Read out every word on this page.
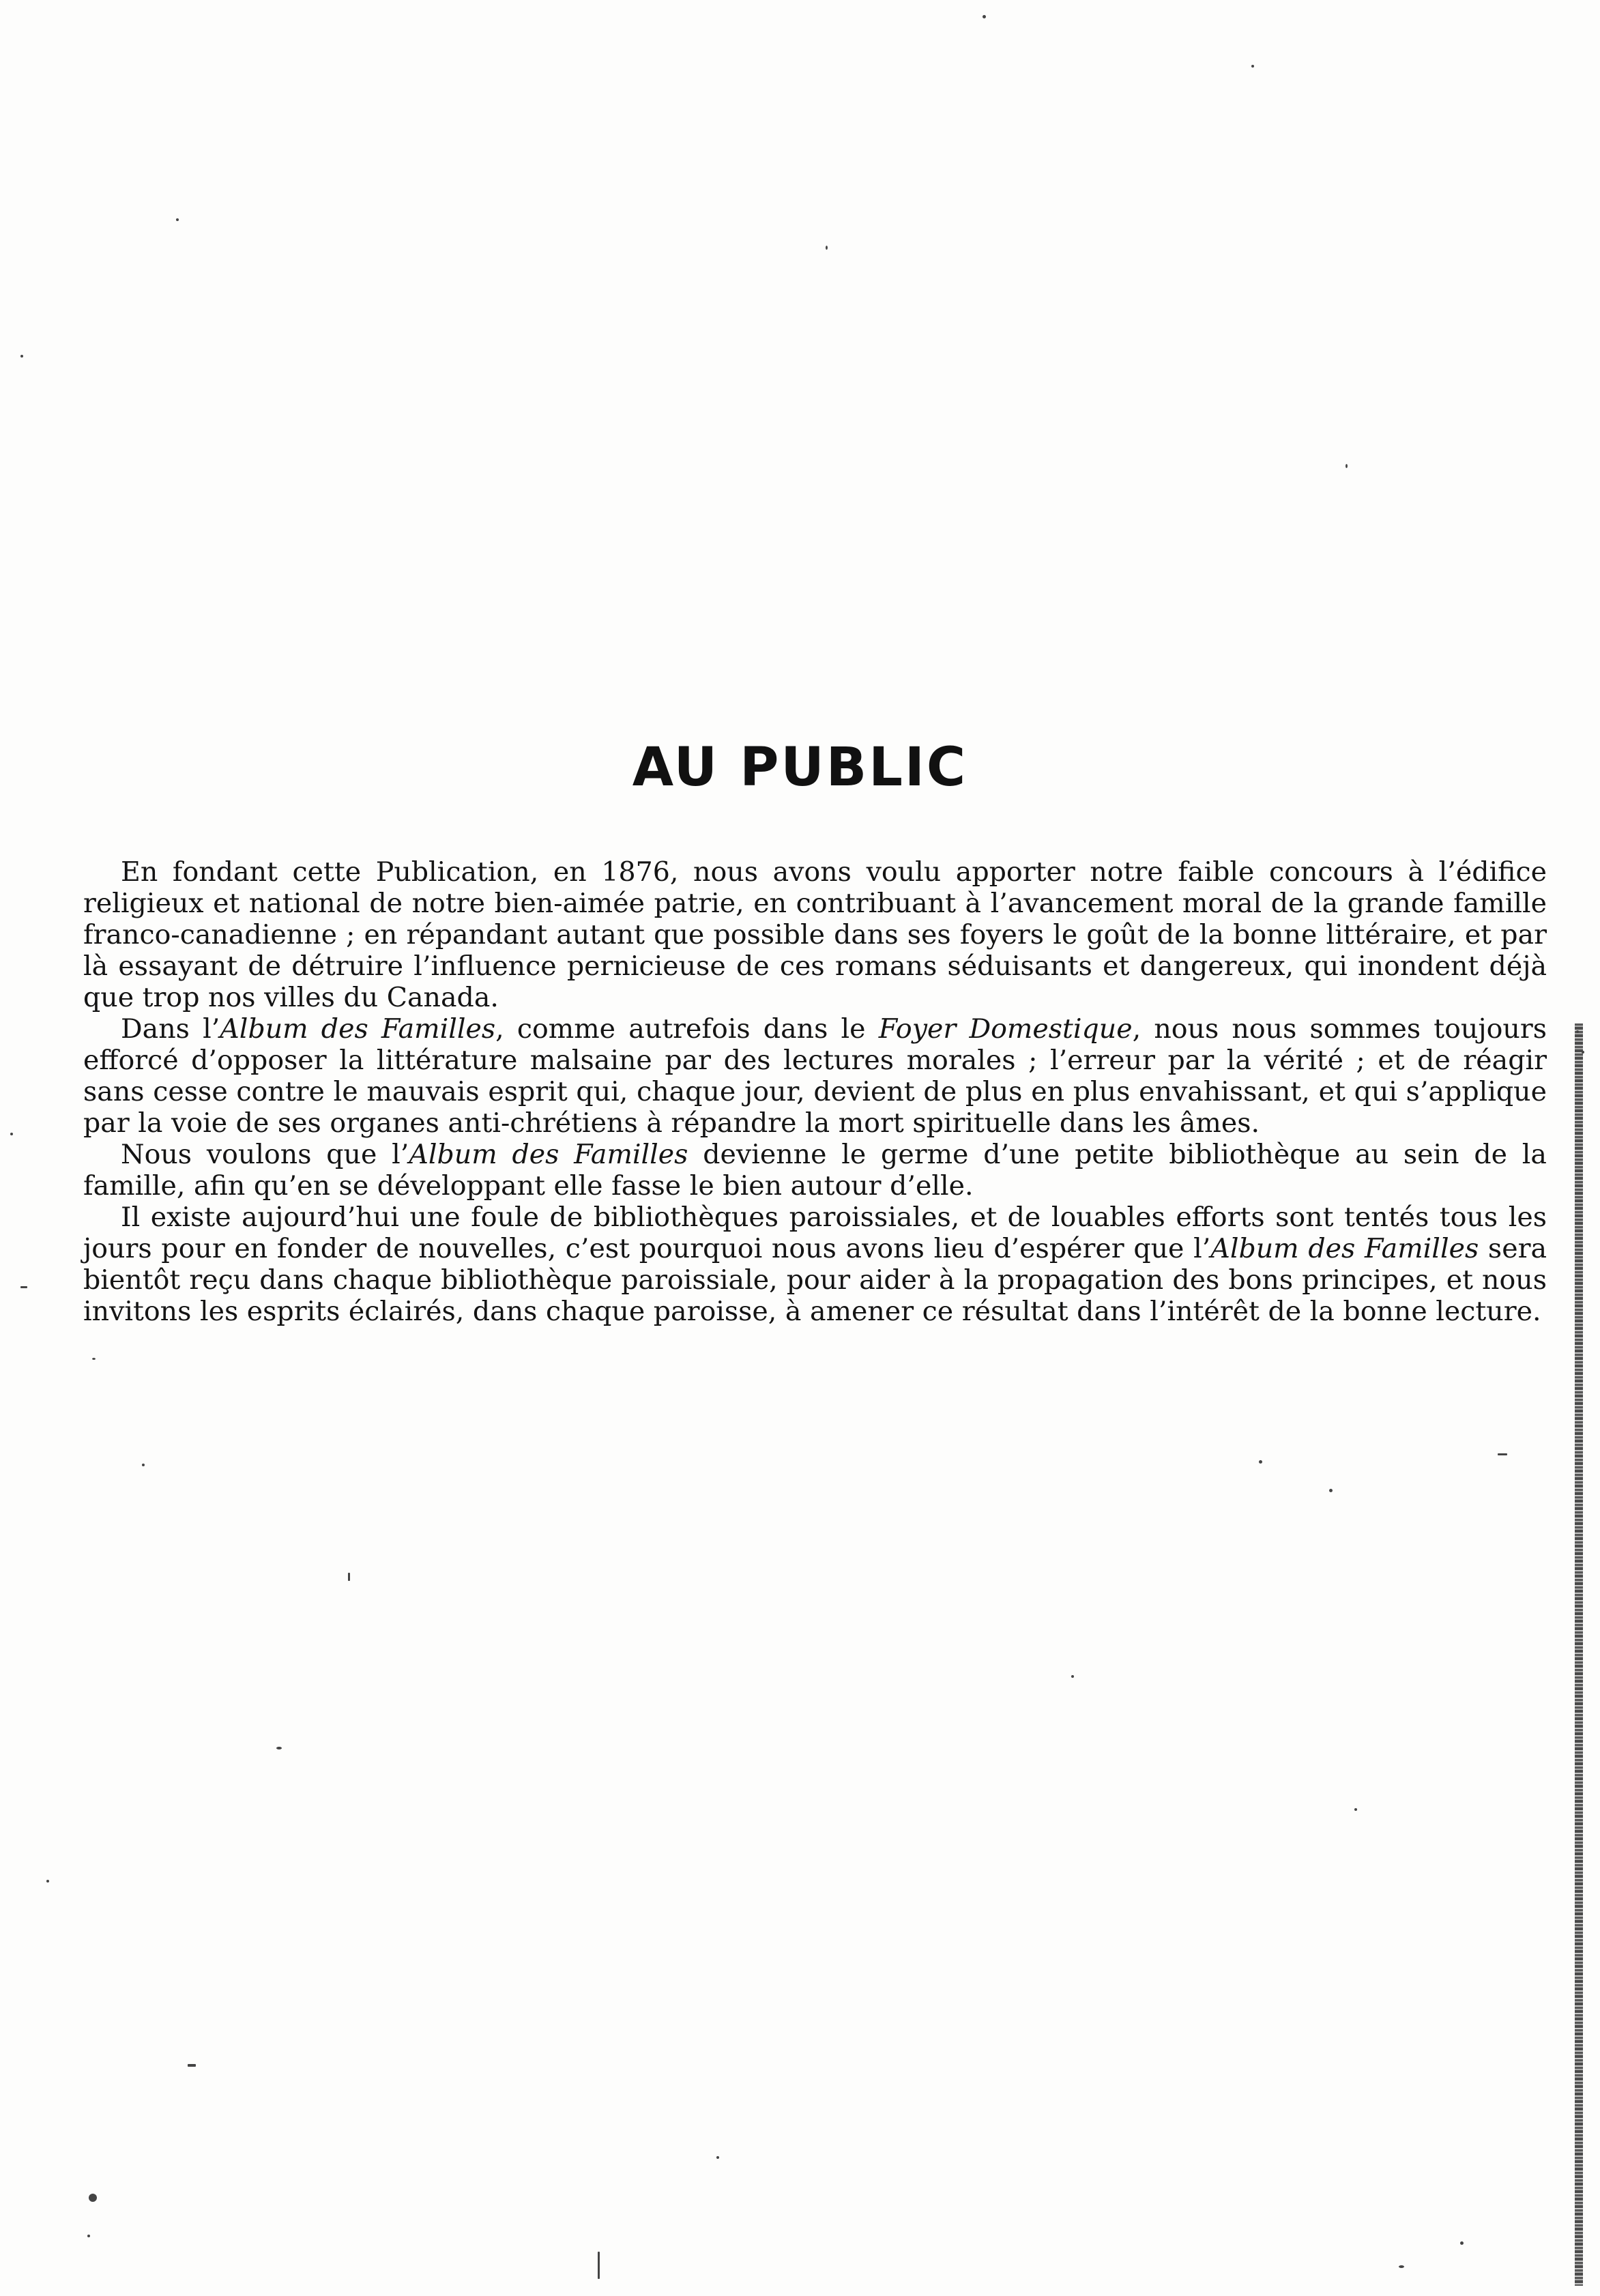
AU PUBLIC

En fondant cette Publication, en 1876, nous avons voulu apporter notre faible concours à l’édifice religieux et national de notre bien-aimée patrie, en contribuant à l’avancement moral de la grande famille franco-canadienne ; en répandant autant que possible dans ses foyers le goût de la bonne littéraire, et par là essayant de détruire l’influence pernicieuse de ces romans séduisants et dangereux, qui inondent déjà que trop nos villes du Canada.

Dans l’Album des Familles, comme autrefois dans le Foyer Domestique, nous nous sommes toujours efforcé d’opposer la littérature malsaine par des lectures morales ; l’erreur par la vérité ; et de réagir sans cesse contre le mauvais esprit qui, chaque jour, devient de plus en plus envahissant, et qui s’applique par la voie de ses organes anti-chrétiens à répandre la mort spirituelle dans les âmes.

Nous voulons que l’Album des Familles devienne le germe d’une petite bibliothèque au sein de la famille, afin qu’en se développant elle fasse le bien autour d’elle.

Il existe aujourd’hui une foule de bibliothèques paroissiales, et de louables efforts sont tentés tous les jours pour en fonder de nouvelles, c’est pourquoi nous avons lieu d’espérer que l’Album des Familles sera bientôt reçu dans chaque bibliothèque paroissiale, pour aider à la propagation des bons principes, et nous invitons les esprits éclairés, dans chaque paroisse, à amener ce résultat dans l’intérêt de la bonne lecture.
